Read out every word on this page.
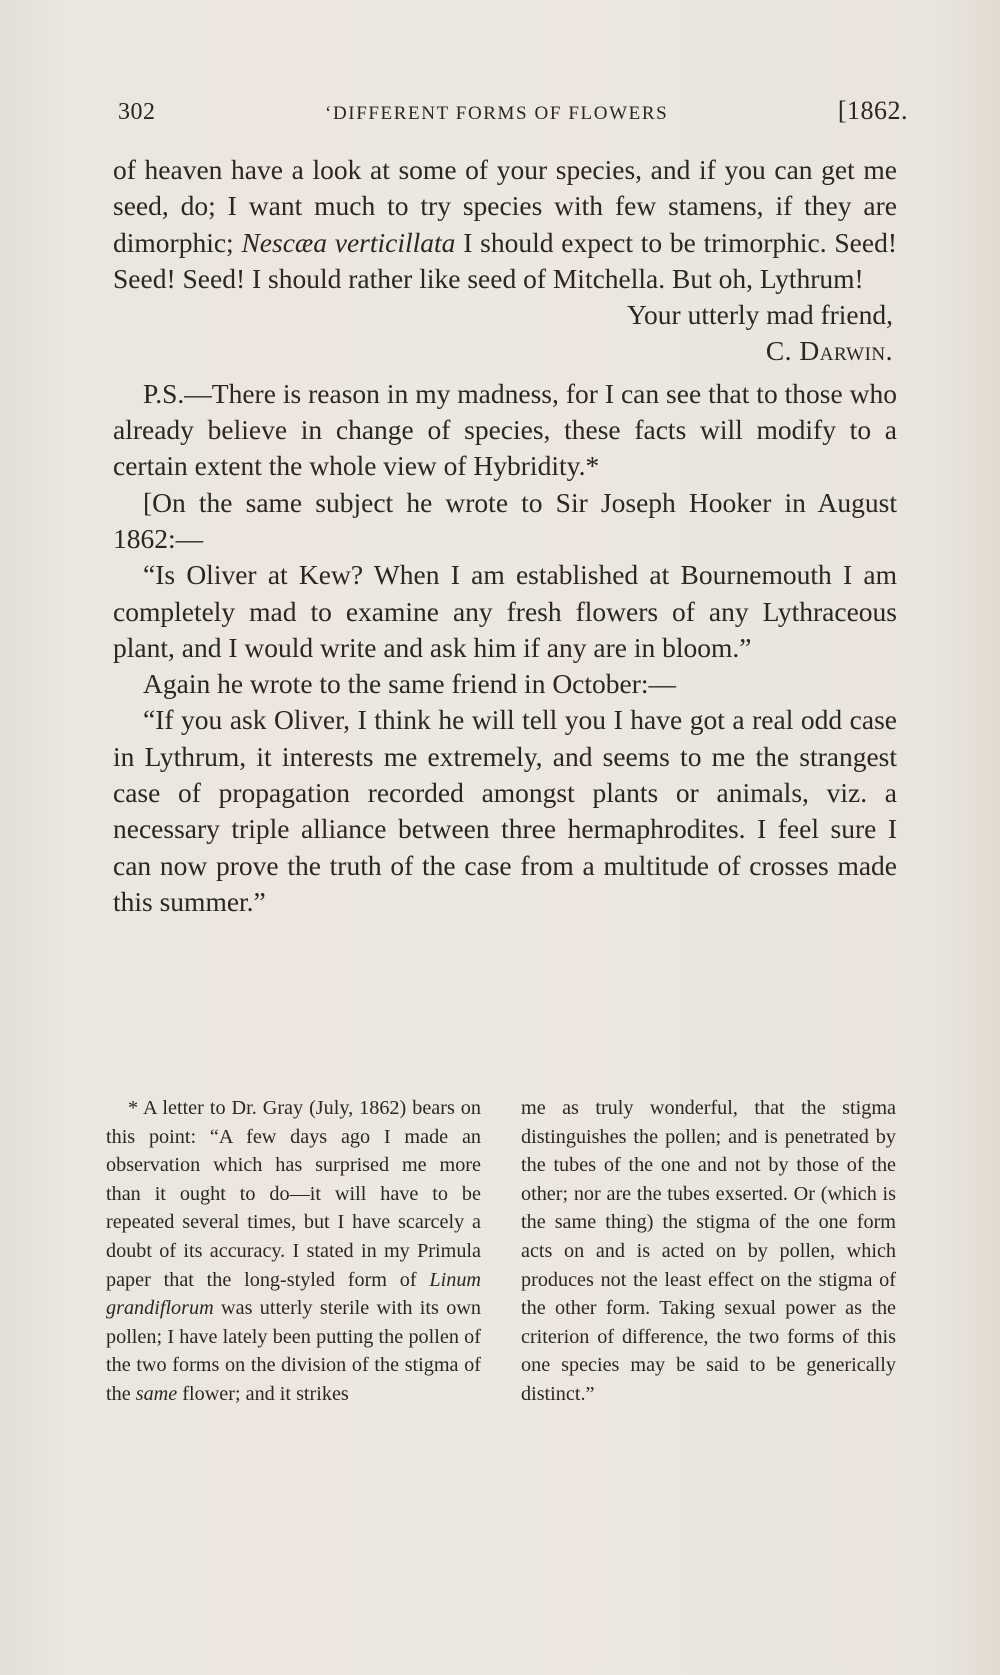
302	‘DIFFERENT FORMS OF FLOWERS	[1862.

of heaven have a look at some of your species, and if you can get me seed, do; I want much to try species with few stamens, if they are dimorphic; Nescæa verticillata I should expect to be trimorphic. Seed! Seed! Seed! I should rather like seed of Mitchella. But oh, Lythrum!

Your utterly mad friend,

C. Darwin.

P.S.—There is reason in my madness, for I can see that to those who already believe in change of species, these facts will modify to a certain extent the whole view of Hybridity.*

[On the same subject he wrote to Sir Joseph Hooker in August 1862:—

“Is Oliver at Kew? When I am established at Bournemouth I am completely mad to examine any fresh flowers of any Lythraceous plant, and I would write and ask him if any are in bloom.”

Again he wrote to the same friend in October:—

“If you ask Oliver, I think he will tell you I have got a real odd case in Lythrum, it interests me extremely, and seems to me the strangest case of propagation recorded amongst plants or animals, viz. a necessary triple alliance between three hermaphrodites. I feel sure I can now prove the truth of the case from a multitude of crosses made this summer.”

* A letter to Dr. Gray (July, 1862) bears on this point: “A few days ago I made an observation which has surprised me more than it ought to do—it will have to be repeated several times, but I have scarcely a doubt of its accuracy. I stated in my Primula paper that the long-styled form of Linum grandiflorum was utterly sterile with its own pollen; I have lately been putting the pollen of the two forms on the division of the stigma of the same flower; and it strikes

me as truly wonderful, that the stigma distinguishes the pollen; and is penetrated by the tubes of the one and not by those of the other; nor are the tubes exserted. Or (which is the same thing) the stigma of the one form acts on and is acted on by pollen, which produces not the least effect on the stigma of the other form. Taking sexual power as the criterion of difference, the two forms of this one species may be said to be generically distinct.”
